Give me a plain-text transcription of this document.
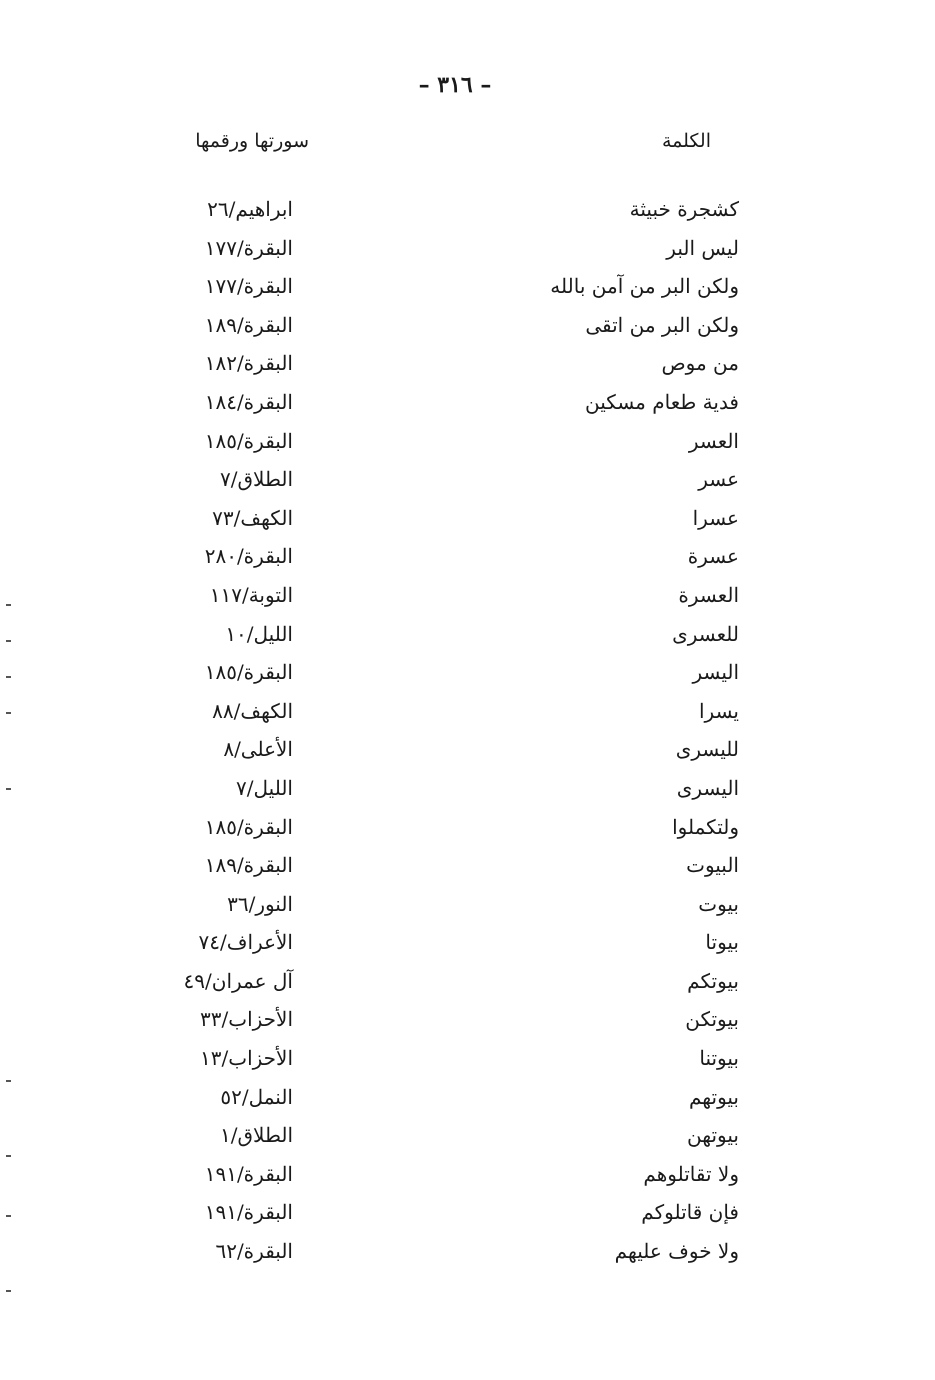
– ٣١٦ –
الكلمة
سورتها ورقمها
كشجرة خبيثة
ابراهيم/٢٦
ليس البر
البقرة/١٧٧
ولكن البر من آمن بالله
البقرة/١٧٧
ولكن البر من اتقى
البقرة/١٨٩
من موص
البقرة/١٨٢
فدية طعام مسكين
البقرة/١٨٤
العسر
البقرة/١٨٥
عسر
الطلاق/٧
عسرا
الكهف/٧٣
عسرة
البقرة/٢٨٠
العسرة
التوبة/١١٧
للعسرى
الليل/١٠
اليسر
البقرة/١٨٥
يسرا
الكهف/٨٨
لليسرى
الأعلى/٨
اليسرى
الليل/٧
ولتكملوا
البقرة/١٨٥
البيوت
البقرة/١٨٩
بيوت
النور/٣٦
بيوتا
الأعراف/٧٤
بيوتكم
آل عمران/٤٩
بيوتكن
الأحزاب/٣٣
بيوتنا
الأحزاب/١٣
بيوتهم
النمل/٥٢
بيوتهن
الطلاق/١
ولا تقاتلوهم
البقرة/١٩١
فإن قاتلوكم
البقرة/١٩١
ولا خوف عليهم
البقرة/٦٢
